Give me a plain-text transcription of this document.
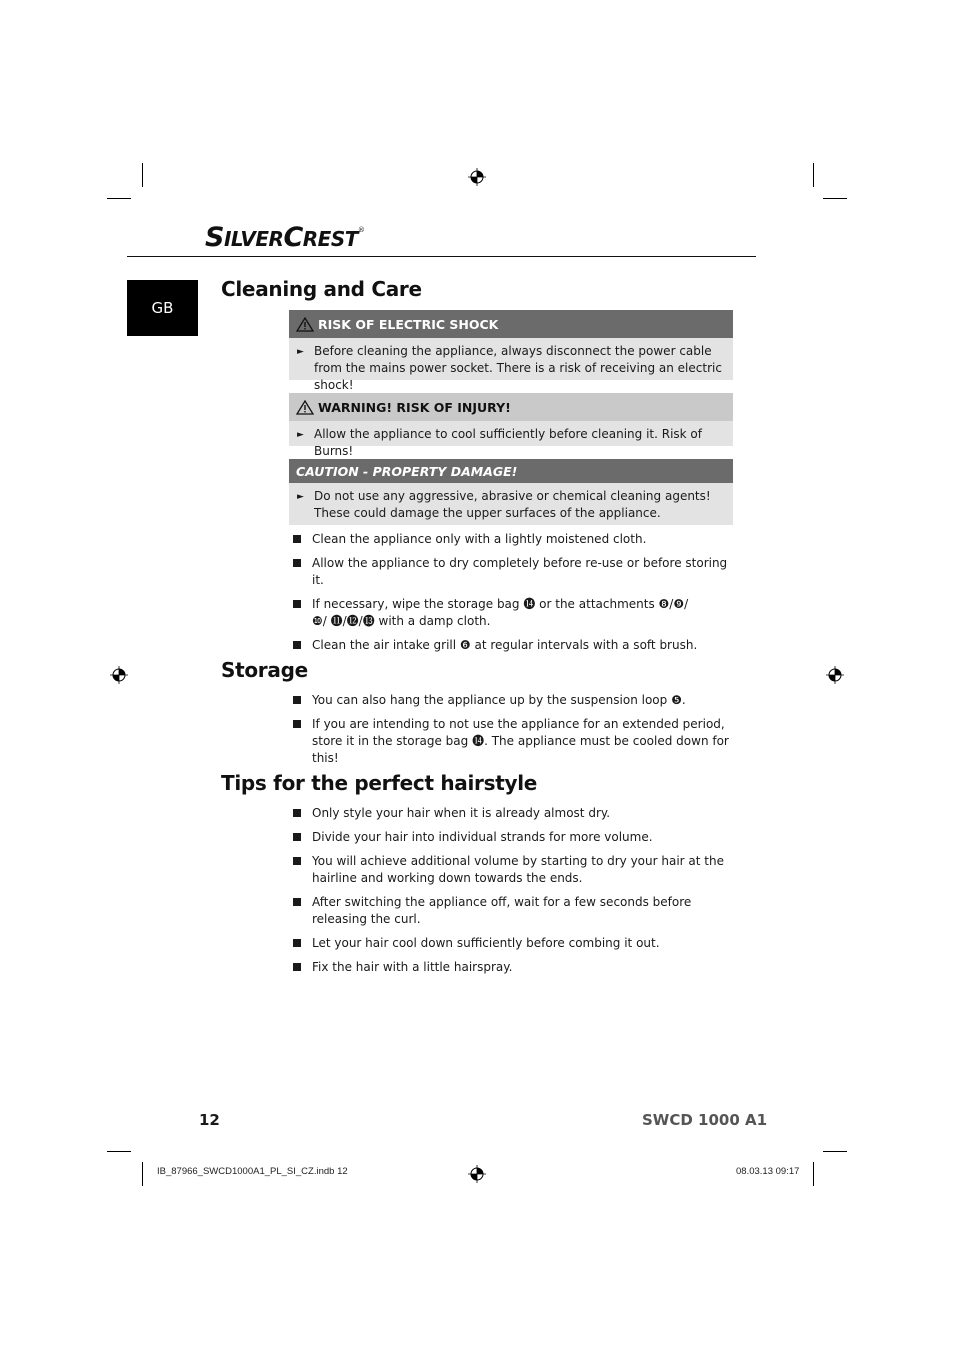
SILVERCREST®
GB
Cleaning and Care
RISK OF ELECTRIC SHOCK
► Before cleaning the appliance, always disconnect the power cable from the mains power socket. There is a risk of receiving an electric shock!
WARNING! RISK OF INJURY!
► Allow the appliance to cool sufficiently before cleaning it. Risk of Burns!
CAUTION - PROPERTY DAMAGE!
► Do not use any aggressive, abrasive or chemical cleaning agents! These could damage the upper surfaces of the appliance.
Clean the appliance only with a lightly moistened cloth.
Allow the appliance to dry completely before re-use or before storing it.
If necessary, wipe the storage bag ⓮ or the attachments ❽/❾/❿/ ⓫/⓬/⓭ with a damp cloth.
Clean the air intake grill ❻ at regular intervals with a soft brush.
Storage
You can also hang the appliance up by the suspension loop ❺.
If you are intending to not use the appliance for an extended period, store it in the storage bag ⓮. The appliance must be cooled down for this!
Tips for the perfect hairstyle
Only style your hair when it is already almost dry.
Divide your hair into individual strands for more volume.
You will achieve additional volume by starting to dry your hair at the hairline and working down towards the ends.
After switching the appliance off, wait for a few seconds before releasing the curl.
Let your hair cool down sufficiently before combing it out.
Fix the hair with a little hairspray.
12	SWCD 1000 A1
IB_87966_SWCD1000A1_PL_SI_CZ.indb 12	08.03.13 09:17
